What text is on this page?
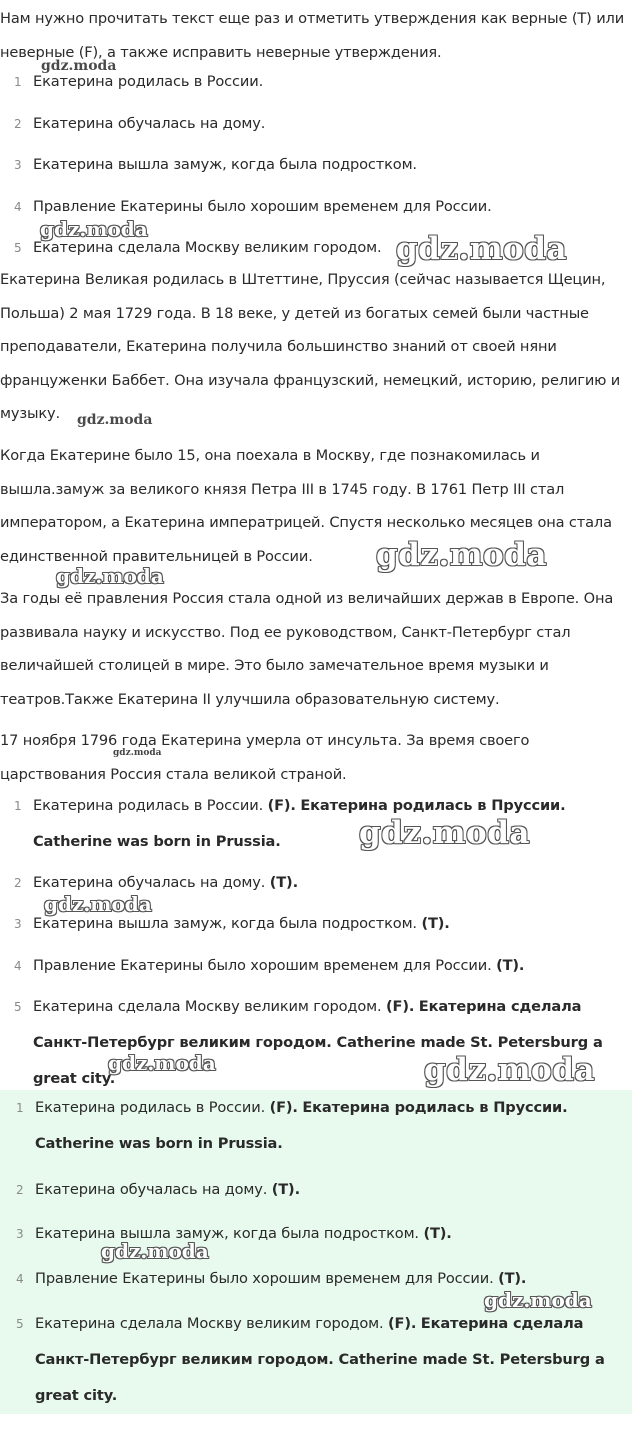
Нам нужно прочитать текст еще раз и отметить утверждения как верные (T) или неверные (F), а также исправить неверные утверждения.

1 Екатерина родилась в России.
2 Екатерина обучалась на дому.
3 Екатерина вышла замуж, когда была подростком.
4 Правление Екатерины было хорошим временем для России.
5 Екатерина сделала Москву великим городом.

Екатерина Великая родилась в Штеттине, Пруссия (сейчас называется Щецин, Польша) 2 мая 1729 года. В 18 веке, у детей из богатых семей были частные преподаватели, Екатерина получила большинство знаний от своей няни француженки Баббет. Она изучала французский, немецкий, историю, религию и музыку.

Когда Екатерине было 15, она поехала в Москву, где познакомилась и вышла.замуж за великого князя Петра III в 1745 году. В 1761 Петр III стал императором, а Екатерина императрицей. Спустя несколько месяцев она стала единственной правительницей в России.

За годы её правления Россия стала одной из величайших держав в Европе. Она развивала науку и искусство. Под ее руководством, Санкт-Петербург стал величайшей столицей в мире. Это было замечательное время музыки и театров.Также Екатерина II улучшила образовательную систему.

17 ноября 1796 года Екатерина умерла от инсульта. За время своего царствования Россия стала великой страной.

1 Екатерина родилась в России. (F). Екатерина родилась в Пруссии. Catherine was born in Prussia.
2 Екатерина обучалась на дому. (T).
3 Екатерина вышла замуж, когда была подростком. (T).
4 Правление Екатерины было хорошим временем для России. (T).
5 Екатерина сделала Москву великим городом. (F). Екатерина сделала Санкт-Петербург великим городом. Catherine made St. Petersburg a great city.
1 Екатерина родилась в России. (F). Екатерина родилась в Пруссии. Catherine was born in Prussia.
2 Екатерина обучалась на дому. (T).
3 Екатерина вышла замуж, когда была подростком. (T).
4 Правление Екатерины было хорошим временем для России. (T).
5 Екатерина сделала Москву великим городом. (F). Екатерина сделала Санкт-Петербург великим городом. Catherine made St. Petersburg a great city.
gdz.moda
gdz.moda
gdz.moda
gdz.moda
gdz.moda
gdz.moda
gdz.moda
gdz.moda
gdz.moda
gdz.moda	gdz.moda
gdz.moda
gdz.moda
